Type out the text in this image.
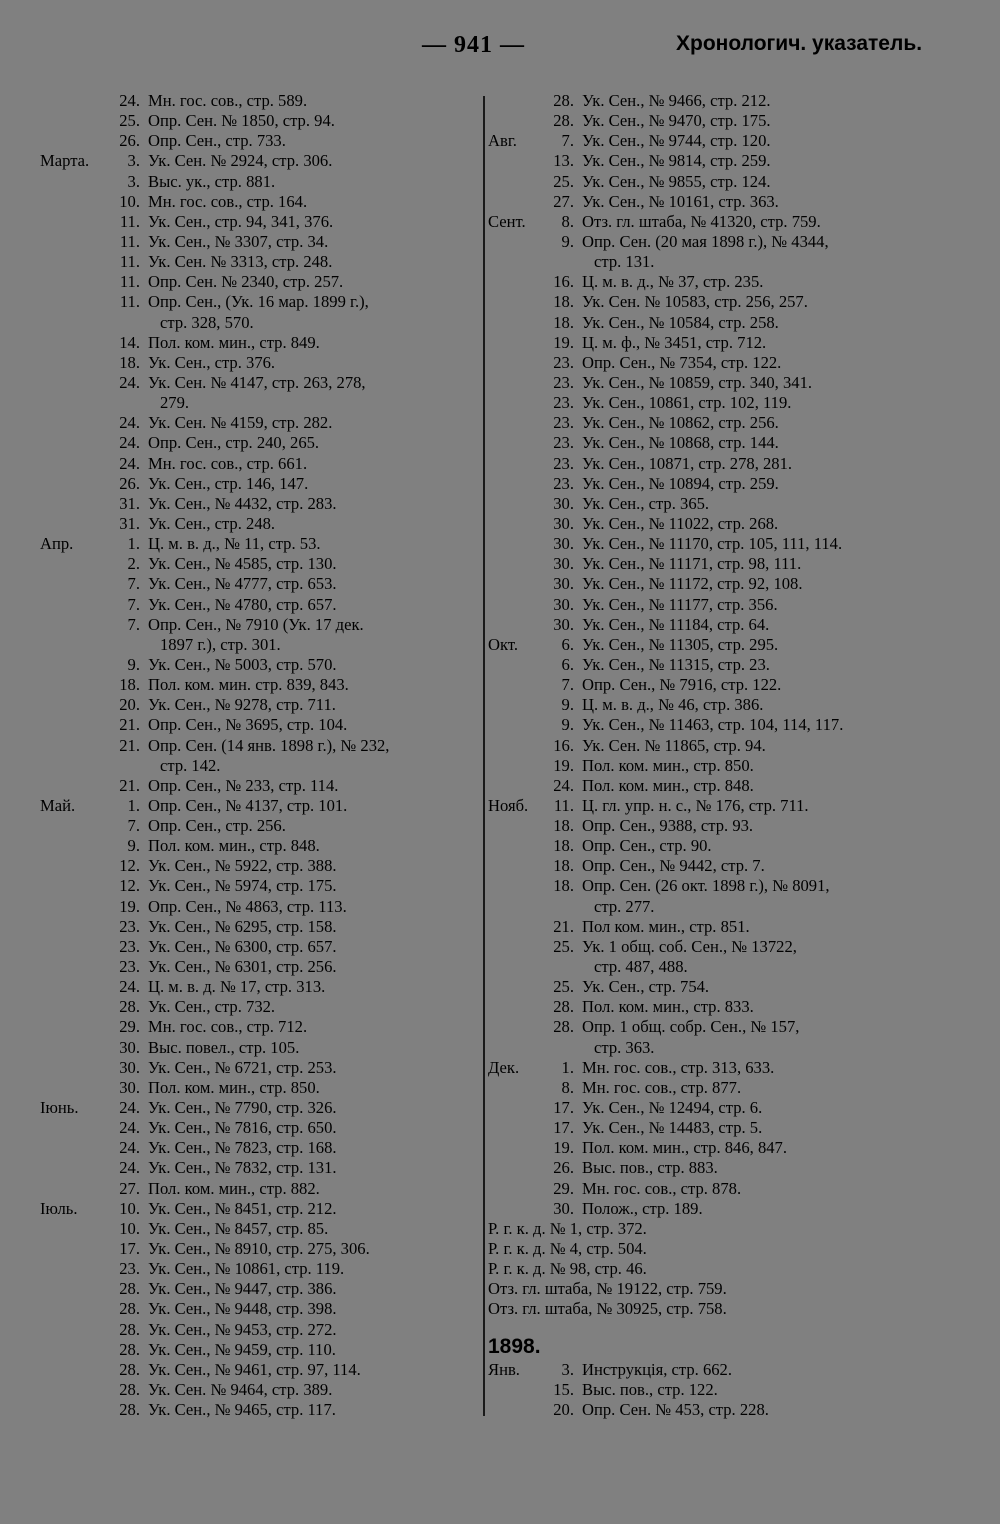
— 941 —	Хронологич. указатель.
24. Мн. гос. сов., стр. 589.
25. Опр. Сен. № 1850, стр. 94.
26. Опр. Сен., стр. 733.
Марта.	3. Ук. Сен. № 2924, стр. 306.
3. Выс. ук., стр. 881.
10. Мн. гос. сов., стр. 164.
11. Ук. Сен., стр. 94, 341, 376.
11. Ук. Сен., № 3307, стр. 34.
11. Ук. Сен. № 3313, стр. 248.
11. Опр. Сен. № 2340, стр. 257.
11. Опр. Сен., (Ук. 16 мар. 1899 г.),
стр. 328, 570.
14. Пол. ком. мин., стр. 849.
18. Ук. Сен., стр. 376.
24. Ук. Сен. № 4147, стр. 263, 278,
279.
24. Ук. Сен. № 4159, стр. 282.
24. Опр. Сен., стр. 240, 265.
24. Мн. гос. сов., стр. 661.
26. Ук. Сен., стр. 146, 147.
31. Ук. Сен., № 4432, стр. 283.
31. Ук. Сен., стр. 248.
Апр.	1. Ц. м. в. д., № 11, стр. 53.
2. Ук. Сен., № 4585, стр. 130.
7. Ук. Сен., № 4777, стр. 653.
7. Ук. Сен., № 4780, стр. 657.
7. Опр. Сен., № 7910 (Ук. 17 дек.
1897 г.), стр. 301.
9. Ук. Сен., № 5003, стр. 570.
18. Пол. ком. мин. стр. 839, 843.
20. Ук. Сен., № 9278, стр. 711.
21. Опр. Сен., № 3695, стр. 104.
21. Опр. Сен. (14 янв. 1898 г.), № 232,
стр. 142.
21. Опр. Сен., № 233, стр. 114.
Май.	1. Опр. Сен., № 4137, стр. 101.
7. Опр. Сен., стр. 256.
9. Пол. ком. мин., стр. 848.
12. Ук. Сен., № 5922, стр. 388.
12. Ук. Сен., № 5974, стр. 175.
19. Опр. Сен., № 4863, стр. 113.
23. Ук. Сен., № 6295, стр. 158.
23. Ук. Сен., № 6300, стр. 657.
23. Ук. Сен., № 6301, стр. 256.
24. Ц. м. в. д. № 17, стр. 313.
28. Ук. Сен., стр. 732.
29. Мн. гос. сов., стр. 712.
30. Выс. повел., стр. 105.
30. Ук. Сен., № 6721, стр. 253.
30. Пол. ком. мин., стр. 850.
Іюнь.	24. Ук. Сен., № 7790, стр. 326.
24. Ук. Сен., № 7816, стр. 650.
24. Ук. Сен., № 7823, стр. 168.
24. Ук. Сен., № 7832, стр. 131.
27. Пол. ком. мин., стр. 882.
Іюль.	10. Ук. Сен., № 8451, стр. 212.
10. Ук. Сен., № 8457, стр. 85.
17. Ук. Сен., № 8910, стр. 275, 306.
23. Ук. Сен., № 10861, стр. 119.
28. Ук. Сен., № 9447, стр. 386.
28. Ук. Сен., № 9448, стр. 398.
28. Ук. Сен., № 9453, стр. 272.
28. Ук. Сен., № 9459, стр. 110.
28. Ук. Сен., № 9461, стр. 97, 114.
28. Ук. Сен. № 9464, стр. 389.
28. Ук. Сен., № 9465, стр. 117.
28. Ук. Сен., № 9466, стр. 212.
28. Ук. Сен., № 9470, стр. 175.
Авг.	7. Ук. Сен., № 9744, стр. 120.
13. Ук. Сен., № 9814, стр. 259.
25. Ук. Сен., № 9855, стр. 124.
27. Ук. Сен., № 10161, стр. 363.
Сент.	8. Отз. гл. штаба, № 41320, стр. 759.
9. Опр. Сен. (20 мая 1898 г.), № 4344,
стр. 131.
16. Ц. м. в. д., № 37, стр. 235.
18. Ук. Сен. № 10583, стр. 256, 257.
18. Ук. Сен., № 10584, стр. 258.
19. Ц. м. ф., № 3451, стр. 712.
23. Опр. Сен., № 7354, стр. 122.
23. Ук. Сен., № 10859, стр. 340, 341.
23. Ук. Сен., 10861, стр. 102, 119.
23. Ук. Сен., № 10862, стр. 256.
23. Ук. Сен., № 10868, стр. 144.
23. Ук. Сен., 10871, стр. 278, 281.
23. Ук. Сен., № 10894, стр. 259.
30. Ук. Сен., стр. 365.
30. Ук. Сен., № 11022, стр. 268.
30. Ук. Сен., № 11170, стр. 105, 111, 114.
30. Ук. Сен., № 11171, стр. 98, 111.
30. Ук. Сен., № 11172, стр. 92, 108.
30. Ук. Сен., № 11177, стр. 356.
30. Ук. Сен., № 11184, стр. 64.
Окт.	6. Ук. Сен., № 11305, стр. 295.
6. Ук. Сен., № 11315, стр. 23.
7. Опр. Сен., № 7916, стр. 122.
9. Ц. м. в. д., № 46, стр. 386.
9. Ук. Сен., № 11463, стр. 104, 114, 117.
16. Ук. Сен. № 11865, стр. 94.
19. Пол. ком. мин., стр. 850.
24. Пол. ком. мин., стр. 848.
Нояб.	11. Ц. гл. упр. н. с., № 176, стр. 711.
18. Опр. Сен., 9388, стр. 93.
18. Опр. Сен., стр. 90.
18. Опр. Сен., № 9442, стр. 7.
18. Опр. Сен. (26 окт. 1898 г.), № 8091,
стр. 277.
21. Пол ком. мин., стр. 851.
25. Ук. 1 общ. соб. Сен., № 13722,
стр. 487, 488.
25. Ук. Сен., стр. 754.
28. Пол. ком. мин., стр. 833.
28. Опр. 1 общ. собр. Сен., № 157,
стр. 363.
Дек.	1. Мн. гос. сов., стр. 313, 633.
8. Мн. гос. сов., стр. 877.
17. Ук. Сен., № 12494, стр. 6.
17. Ук. Сен., № 14483, стр. 5.
19. Пол. ком. мин., стр. 846, 847.
26. Выс. пов., стр. 883.
29. Мн. гос. сов., стр. 878.
30. Полож., стр. 189.
Р. г. к. д. № 1, стр. 372.
Р. г. к. д. № 4, стр. 504.
Р. г. к. д. № 98, стр. 46.
Отз. гл. штаба, № 19122, стр. 759.
Отз. гл. штаба, № 30925, стр. 758.
1898.
Янв.	3. Инструкція, стр. 662.
15. Выс. пов., стр. 122.
20. Опр. Сен. № 453, стр. 228.
